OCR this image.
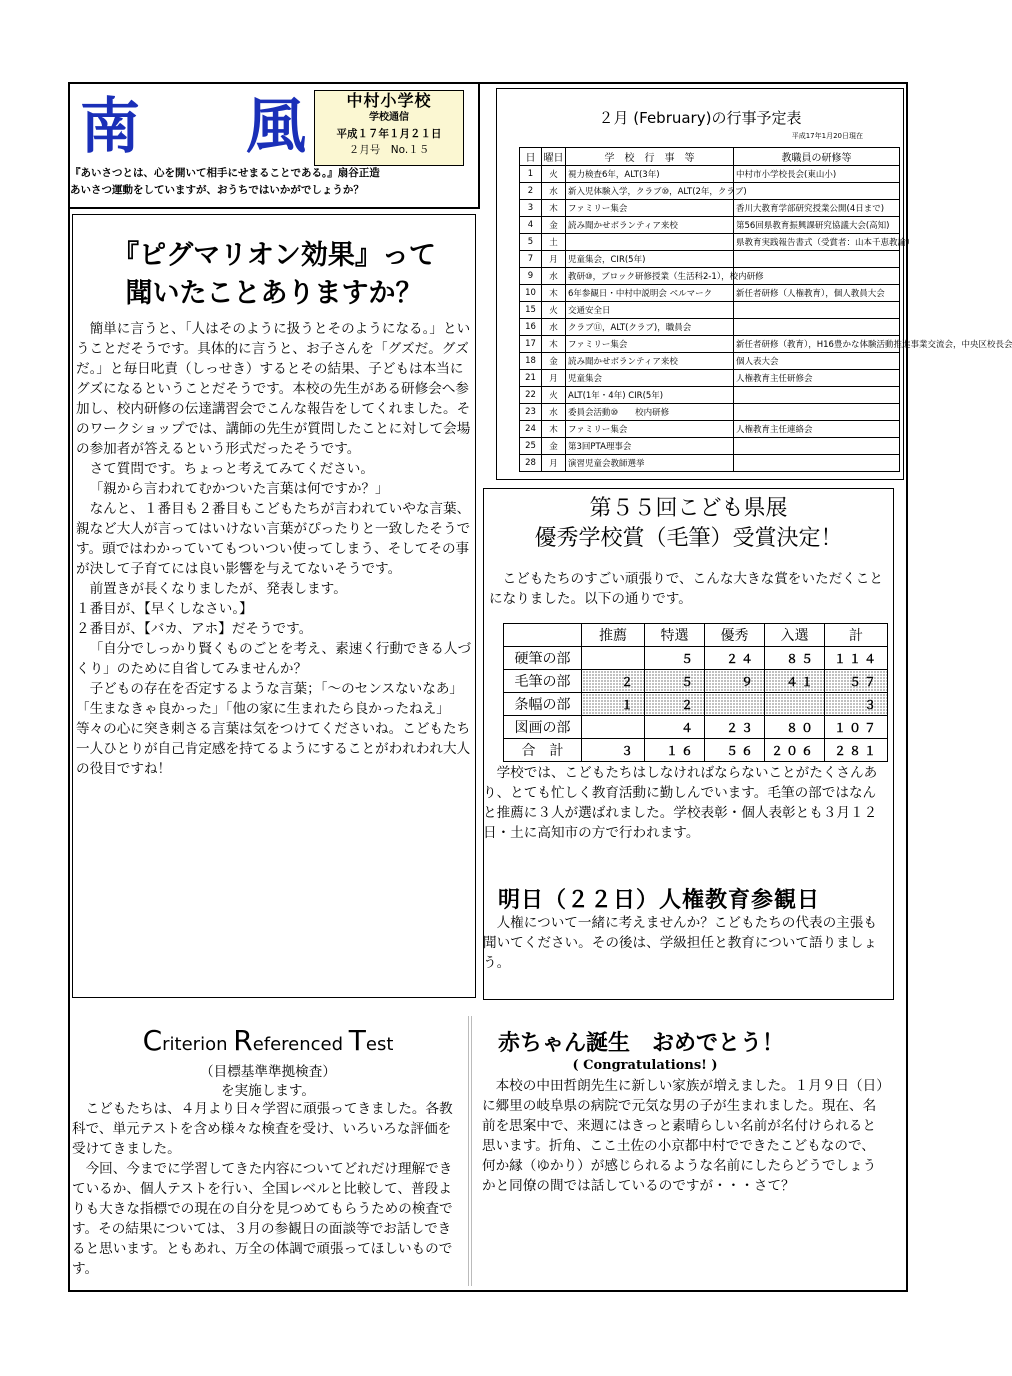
南 風	中村小学校
学校通信
平成１７年１月２１日
２月号　No.１５
『あいさつとは、心を開いて相手にせまることである。』扇谷正造
あいさつ運動をしていますが、おうちではいかがでしょうか？
『ピグマリオン効果』って
聞いたことありますか？

簡単に言うと、「人はそのように扱うとそのようになる。」ということだそうです。具体的に言うと、お子さんを「グズだ。グズだ。」と毎日叱責（しっせき）するとその結果、子どもは本当にグズになるということだそうです。本校の先生がある研修会へ参加し、校内研修の伝達講習会でこんな報告をしてくれました。そのワークショップでは、講師の先生が質問したことに対して会場の参加者が答えるという形式だったそうです。

さて質問です。ちょっと考えてみてください。

「親から言われてむかついた言葉は何ですか？」

なんと、１番目も２番目もこどもたちが言われていやな言葉、親など大人が言ってはいけない言葉がぴったりと一致したそうです。頭ではわかっていてもついつい使ってしまう、そしてその事が決して子育てには良い影響を与えてないそうです。

前置きが長くなりましたが、発表します。

１番目が、【早くしなさい。】

２番目が、【バカ、アホ】だそうです。

「自分でしっかり賢くものごとを考え、素速く行動できる人づくり」のために自省してみませんか？

子どもの存在を否定するような言葉；「～のセンスないなあ」「生まなきゃ良かった」「他の家に生まれたら良かったねえ」等々の心に突き刺さる言葉は気をつけてくださいね。こどもたち一人ひとりが自己肯定感を持てるようにすることがわれわれ大人の役目ですね！

２月 (February)の行事予定表
平成17年1月20日現在
日	曜日	学　校　行　事　等	教職員の研修等
1	火	視力検査6年，ALT(3年)	中村市小学校長会(東山小)
2	水	新入児体験入学，クラブ⑩，ALT(2年，クラブ)	
3	木	ファミリー集会	香川大教育学部研究授業公開(4日まで)
4	金	読み聞かせボランティア来校	第56回県教育振興課研究協議大会(高知)
5	土		県教育実践報告書式（受賞者：山本千恵教諭）
7	月	児童集会，CIR(5年)	
9	水	教研⑩，ブロック研修授業（生活科2-1），校内研修	
10	木	6年参観日・中村中説明会 ベルマーク	新任者研修（人権教育），個人教員大会
15	火	交通安全日	
16	水	クラブ⑪，ALT(クラブ)，職員会	
17	木	ファミリー集会	新任者研修（教育），H16豊かな体験活動推進事業交流会，中央区校長会
18	金	読み聞かせボランティア来校	個人表大会
21	月	児童集会	人権教育主任研修会
22	火	ALT(1年・4年) CIR(5年)	
23	水	委員会活動⑩　　校内研修	
24	木	ファミリー集会	人権教育主任連絡会
25	金	第3回PTA理事会	
28	月	演習児童会教師選挙	
第５５回こども県展
優秀学校賞（毛筆）受賞決定！

こどもたちのすごい頑張りで、こんな大きな賞をいただくことになりました。以下の通りです。

	推薦	特選	優秀	入選	計
硬筆の部		５	２４	８５	１１４
毛筆の部	２	５	９	４１	５７
条幅の部	１	２			３
図画の部		４	２３	８０	１０７
合　計	３	１６	５６	２０６	２８１

学校では、こどもたちはしなければならないことがたくさんあり、とても忙しく教育活動に勤しんでいます。毛筆の部ではなんと推薦に３人が選ばれました。学校表彰・個人表彰とも３月１２日・土に高知市の方で行われます。

明日（２２日）人権教育参観日

人権について一緒に考えませんか？こどもたちの代表の主張も聞いてください。その後は、学級担任と教育について語りましょう。

Criterion Referenced Test
（目標基準準拠検査）
を実施します。

こどもたちは、４月より日々学習に頑張ってきました。各教科で、単元テストを含め様々な検査を受け、いろいろな評価を受けてきました。

今回、今までに学習してきた内容についてどれだけ理解できているか、個人テストを行い、全国レベルと比較して、普段よりも大きな指標での現在の自分を見つめてもらうための検査です。その結果については、３月の参観日の面談等でお話しできると思います。ともあれ、万全の体調で頑張ってほしいものです。

赤ちゃん誕生　おめでとう！
( Congratulations! )

本校の中田哲朗先生に新しい家族が増えました。１月９日（日）に郷里の岐阜県の病院で元気な男の子が生まれました。現在、名前を思案中で、来週にはきっと素晴らしい名前が名付けられると思います。折角、ここ土佐の小京都中村でできたこどもなので、何か縁（ゆかり）が感じられるような名前にしたらどうでしょうかと同僚の間では話しているのですが・・・さて？
